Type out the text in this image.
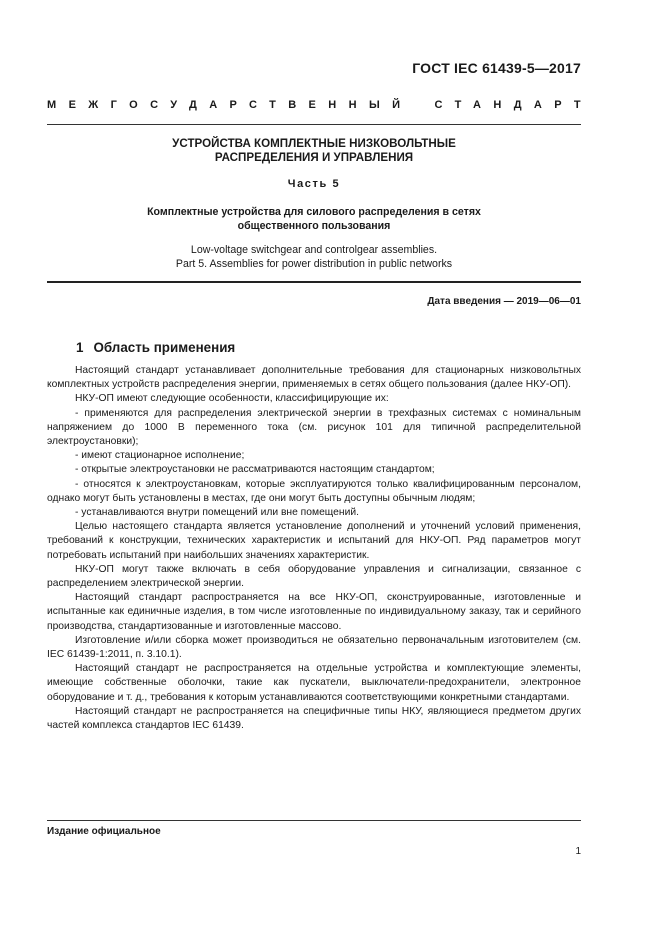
ГОСТ IEC 61439-5—2017
МЕЖГОСУДАРСТВЕННЫЙ СТАНДАРТ
УСТРОЙСТВА КОМПЛЕКТНЫЕ НИЗКОВОЛЬТНЫЕ
РАСПРЕДЕЛЕНИЯ И УПРАВЛЕНИЯ
Часть 5
Комплектные устройства для силового распределения в сетях
общественного пользования
Low-voltage switchgear and controlgear assemblies.
Part 5. Assemblies for power distribution in public networks
Дата введения — 2019—06—01
1 Область применения

Настоящий стандарт устанавливает дополнительные требования для стационарных низковольтных комплектных устройств распределения энергии, применяемых в сетях общего пользования (далее НКУ-ОП).

НКУ-ОП имеют следующие особенности, классифицирующие их:

- применяются для распределения электрической энергии в трехфазных системах с номинальным напряжением до 1000 В переменного тока (см. рисунок 101 для типичной распределительной электроустановки);

- имеют стационарное исполнение;

- открытые электроустановки не рассматриваются настоящим стандартом;

- относятся к электроустановкам, которые эксплуатируются только квалифицированным персоналом, однако могут быть установлены в местах, где они могут быть доступны обычным людям;

- устанавливаются внутри помещений или вне помещений.

Целью настоящего стандарта является установление дополнений и уточнений условий применения, требований к конструкции, технических характеристик и испытаний для НКУ-ОП. Ряд параметров могут потребовать испытаний при наибольших значениях характеристик.

НКУ-ОП могут также включать в себя оборудование управления и сигнализации, связанное с распределением электрической энергии.

Настоящий стандарт распространяется на все НКУ-ОП, сконструированные, изготовленные и испытанные как единичные изделия, в том числе изготовленные по индивидуальному заказу, так и серийного производства, стандартизованные и изготовленные массово.

Изготовление и/или сборка может производиться не обязательно первоначальным изготовителем (см. IEC 61439-1:2011, п. 3.10.1).

Настоящий стандарт не распространяется на отдельные устройства и комплектующие элементы, имеющие собственные оболочки, такие как пускатели, выключатели-предохранители, электронное оборудование и т. д., требования к которым устанавливаются соответствующими конкретными стандартами.

Настоящий стандарт не распространяется на специфичные типы НКУ, являющиеся предметом других частей комплекса стандартов IEC 61439.

Издание официальное
1
